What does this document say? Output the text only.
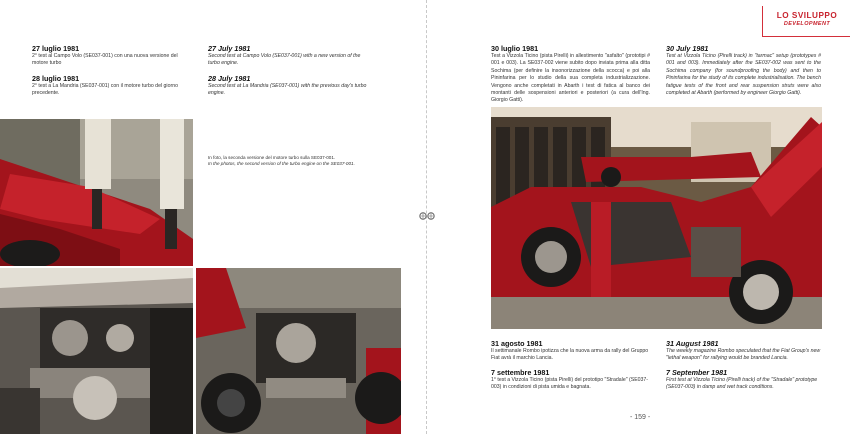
27 luglio 1981
2° test al Campo Volo (SE037-001) con una nuova versione del motore turbo
28 luglio 1981
2° test a La Mandria (SE037-001) con il motore turbo del giorno precedente.
27 July 1981
Second test at Campo Volo (SE037-001) with a new version of the turbo engine.
28 July 1981
Second test at La Mandria (SE037-001) with the previous day's turbo engine.
In foto, la seconda versione del motore turbo sulla SE037-001.
In the photos, the second version of the turbo engine on the SE037-001.
LO SVILUPPO
DEVELOPMENT
30 luglio 1981
Test a Vizzola Ticino (pista Pirelli) in allestimento "asfalto" (prototipi # 001 e 003). La SE037-002 viene subito dopo inviata prima alla ditta Sochima (per definire la insonorizzazione della scocca) e poi alla Pininfarina per lo studio della sua completa industrializzazione. Vengono anche completati in Abarth i test di fatica al banco dei montanti delle sospensioni anteriori e posteriori (a cura dell'Ing. Giorgio Gatti).
30 July 1981
Test at Vizzola Ticino (Pirelli track) in "tarmac" setup (prototypes # 001 and 003). Immediately after the SE037-002 was sent to the Sochima company (for soundproofing the body) and then to Pininfarina for the study of its complete industrialisation. The bench fatigue tests of the front and rear suspension struts were also completed at Abarth (performed by engineer Giorgio Gatti).
31 agosto 1981
Il settimanale Rombo ipotizza che la nuova arma da rally del Gruppo Fiat avrà il marchio Lancia.
7 settembre 1981
1° test a Vizzola Ticino (pista Pirelli) del prototipo "Stradale" (SE037-003) in condizioni di pista umida e bagnata.
31 August 1981
The weekly magazine Rombo speculated that the Fiat Group's new "lethal weapon" for rallying would be branded Lancia.
7 September 1981
First test at Vizzola Ticino (Pirelli track) of the "Stradale" prototype (SE037-003) in damp and wet track conditions.
- 159 -
